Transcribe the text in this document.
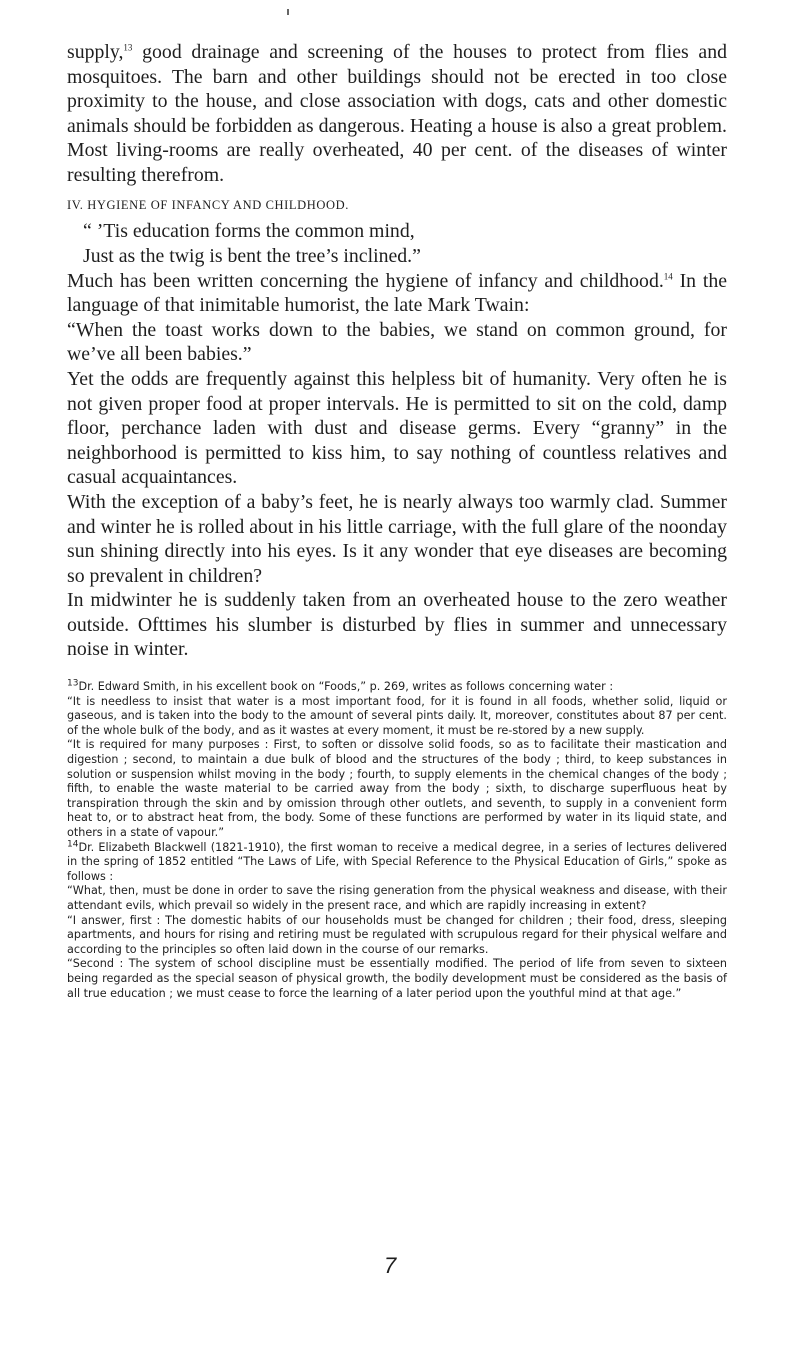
supply,$^{13}$ good drainage and screening of the houses to protect from flies and mosquitoes. The barn and other buildings should not be erected in too close proximity to the house, and close association with dogs, cats and other domestic animals should be forbidden as dangerous. Heating a house is also a great problem. Most living-rooms are really overheated, 40 per cent. of the diseases of winter resulting therefrom.

IV. HYGIENE OF INFANCY AND CHILDHOOD.
“ ’Tis education forms the common mind,
Just as the twig is bent the tree’s inclined.”

Much has been written concerning the hygiene of infancy and childhood.$^{14}$ In the language of that inimitable humorist, the late Mark Twain:

“When the toast works down to the babies, we stand on common ground, for we’ve all been babies.”

Yet the odds are frequently against this helpless bit of humanity. Very often he is not given proper food at proper intervals. He is permitted to sit on the cold, damp floor, perchance laden with dust and disease germs. Every “granny” in the neighborhood is permitted to kiss him, to say nothing of countless relatives and casual acquaintances.

With the exception of a baby’s feet, he is nearly always too warmly clad. Summer and winter he is rolled about in his little carriage, with the full glare of the noonday sun shining directly into his eyes. Is it any wonder that eye diseases are becoming so prevalent in children?

In midwinter he is suddenly taken from an overheated house to the zero weather outside. Ofttimes his slumber is disturbed by flies in summer and unnecessary noise in winter.

$^{13}$Dr. Edward Smith, in his excellent book on “Foods,” p. 269, writes as follows concerning water :

“It is needless to insist that water is a most important food, for it is found in all foods, whether solid, liquid or gaseous, and is taken into the body to the amount of several pints daily. It, moreover, constitutes about 87 per cent. of the whole bulk of the body, and as it wastes at every moment, it must be re-stored by a new supply.

“It is required for many purposes : First, to soften or dissolve solid foods, so as to facilitate their mastication and digestion ; second, to maintain a due bulk of blood and the structures of the body ; third, to keep substances in solution or suspension whilst moving in the body ; fourth, to supply elements in the chemical changes of the body ; fifth, to enable the waste material to be carried away from the body ; sixth, to discharge superfluous heat by transpiration through the skin and by omission through other outlets, and seventh, to supply in a convenient form heat to, or to abstract heat from, the body. Some of these functions are performed by water in its liquid state, and others in a state of vapour.”

$^{14}$Dr. Elizabeth Blackwell (1821-1910), the first woman to receive a medical degree, in a series of lectures delivered in the spring of 1852 entitled “The Laws of Life, with Special Reference to the Physical Education of Girls,” spoke as follows :

“What, then, must be done in order to save the rising generation from the physical weakness and disease, with their attendant evils, which prevail so widely in the present race, and which are rapidly increasing in extent?

“I answer, first : The domestic habits of our households must be changed for children ; their food, dress, sleeping apartments, and hours for rising and retiring must be regulated with scrupulous regard for their physical welfare and according to the principles so often laid down in the course of our remarks.

“Second : The system of school discipline must be essentially modified. The period of life from seven to sixteen being regarded as the special season of physical growth, the bodily development must be considered as the basis of all true education ; we must cease to force the learning of a later period upon the youthful mind at that age.”

7
